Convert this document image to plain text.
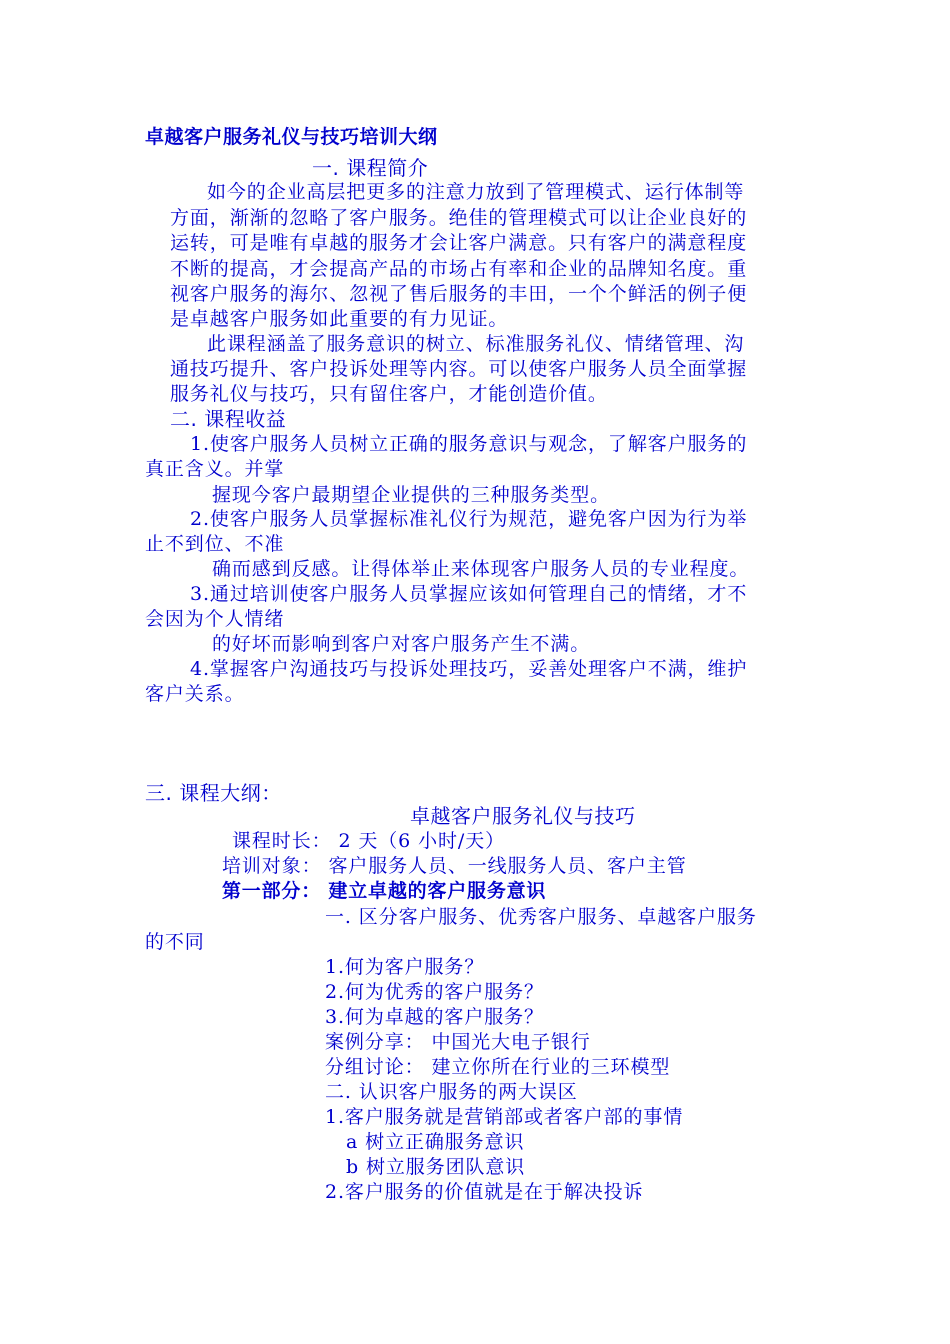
卓越客户服务礼仪与技巧培训大纲
一. 课程简介
如今的企业高层把更多的注意力放到了管理模式、运行体制等
方面，渐渐的忽略了客户服务。绝佳的管理模式可以让企业良好的
运转，可是唯有卓越的服务才会让客户满意。只有客户的满意程度
不断的提高，才会提高产品的市场占有率和企业的品牌知名度。重
视客户服务的海尔、忽视了售后服务的丰田，一个个鲜活的例子便
是卓越客户服务如此重要的有力见证。
此课程涵盖了服务意识的树立、标准服务礼仪、情绪管理、沟
通技巧提升、客户投诉处理等内容。可以使客户服务人员全面掌握
服务礼仪与技巧，只有留住客户，才能创造价值。
二. 课程收益
1.使客户服务人员树立正确的服务意识与观念，了解客户服务的
真正含义。并掌
握现今客户最期望企业提供的三种服务类型。
2.使客户服务人员掌握标准礼仪行为规范，避免客户因为行为举
止不到位、不准
确而感到反感。让得体举止来体现客户服务人员的专业程度。
3.通过培训使客户服务人员掌握应该如何管理自己的情绪，才不
会因为个人情绪
的好坏而影响到客户对客户服务产生不满。
4.掌握客户沟通技巧与投诉处理技巧，妥善处理客户不满，维护
客户关系。
三. 课程大纲：
卓越客户服务礼仪与技巧
课程时长： 2 天（6 小时/天）
培训对象： 客户服务人员、一线服务人员、客户主管
第一部分： 建立卓越的客户服务意识
一. 区分客户服务、优秀客户服务、卓越客户服务
的不同
1.何为客户服务？
2.何为优秀的客户服务？
3.何为卓越的客户服务？
案例分享： 中国光大电子银行
分组讨论： 建立你所在行业的三环模型
二. 认识客户服务的两大误区
1.客户服务就是营销部或者客户部的事情
a 树立正确服务意识
b 树立服务团队意识
2.客户服务的价值就是在于解决投诉
